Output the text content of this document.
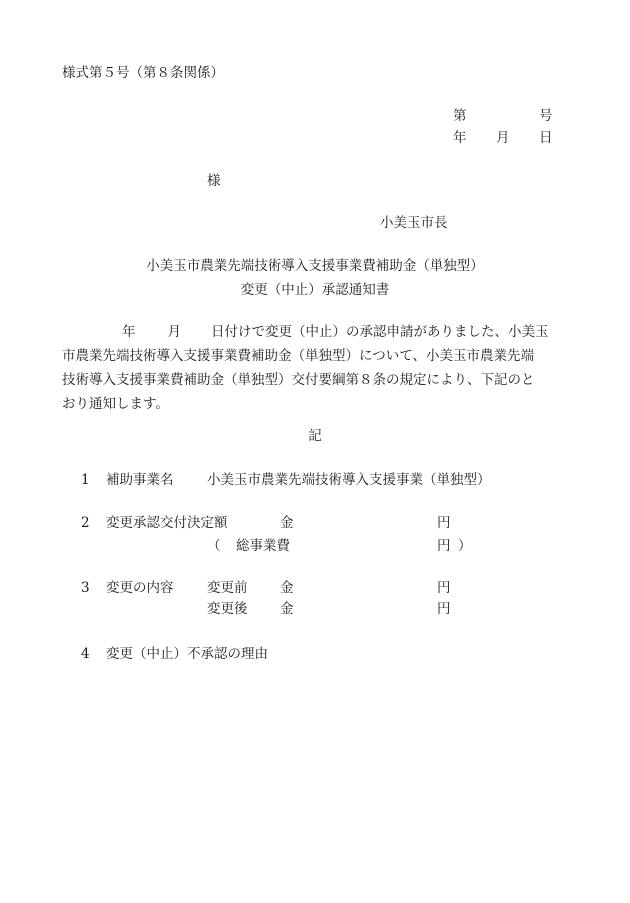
様式第５号（第８条関係）
第	号
年 月 日
様
小美玉市長
小美玉市農業先端技術導入支援事業費補助金（単独型）
変更（中止）承認通知書
年 月 日付けで変更（中止）の承認申請がありました、小美玉
市農業先端技術導入支援事業費補助金（単独型）について、小美玉市農業先端
技術導入支援事業費補助金（単独型）交付要綱第８条の規定により、下記のと
おり通知します。
記
1 補助事業名 小美玉市農業先端技術導入支援事業（単独型）
2 変更承認交付決定額	金	円
（ 総事業費	円 ）
3 変更の内容 変更前 金	円
変更後 金	円
4 変更（中止）不承認の理由
